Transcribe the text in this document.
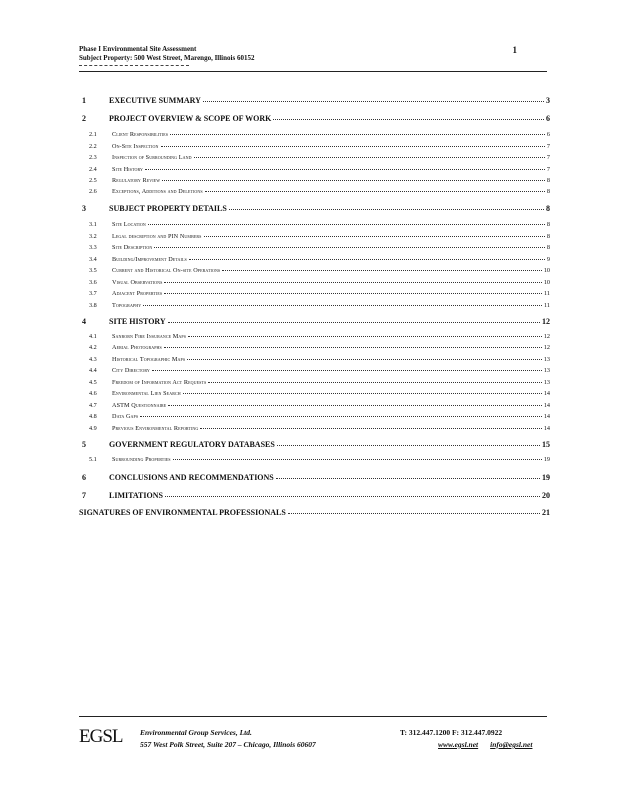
Phase I Environmental Site Assessment
Subject Property: 500 West Street, Marengo, Illinois 60152
1
1	EXECUTIVE SUMMARY	3
2	PROJECT OVERVIEW & SCOPE OF WORK	6
2.1	Client Responsibilities	6
2.2	On-Site Inspection	7
2.3	Inspection of Surrounding Land	7
2.4	Site History	7
2.5	Regulatory Review	8
2.6	Exceptions, Additions and Deletions	8
3	SUBJECT PROPERTY DETAILS	8
3.1	Site Location	8
3.2	Legal description and PIN Numbers	8
3.3	Site Description	8
3.4	Building/Improvement Details	9
3.5	Current and Historical On-site Operations	10
3.6	Visual Observations	10
3.7	Adjacent Properties	11
3.8	Topography	11
4	SITE HISTORY	12
4.1	Sanborn Fire Insurance Maps	12
4.2	Aerial Photographs	12
4.3	Historical Topographic Maps	13
4.4	City Directory	13
4.5	Freedom of Information Act Requests	13
4.6	Environmental Lien Search	14
4.7	ASTM Questionnaire	14
4.8	Data Gaps	14
4.9	Previous Environmental Reporting	14
5	GOVERNMENT REGULATORY DATABASES	15
5.1	Surrounding Properties	19
6	CONCLUSIONS AND RECOMMENDATIONS	19
7	LIMITATIONS	20
SIGNATURES OF ENVIRONMENTAL PROFESSIONALS	21
EGSL Environmental Group Services, Ltd.
557 West Polk Street, Suite 207 – Chicago, Illinois 60607
T: 312.447.1200 F: 312.447.0922
www.egsl.net info@egsl.net
